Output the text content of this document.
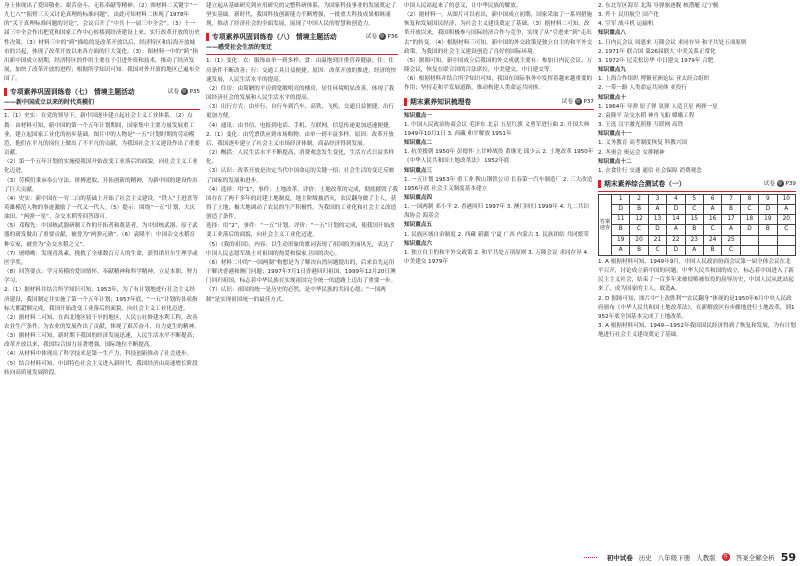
身上体现出了爱国敬业、艰苦奋斗、无私奉献等精神。（2）图材料二关键字“一九七八”“振臂三天又讨论真理的标准问题”，由此可知材料二体现了1978年的“关于真理标准问题的讨论”，会议召开了“中共十一届三中全会”。（3）十一届三中全会作出把党和国家工作中心转移到经济建设上来、实行改革开放的历史性决策。（3）材料三中的“跨”描绘的是改革开放以后，经济特区和沿海开放城市的兴起，体现了改革开放以来各方面的巨大变化。（3）：图材料一中的“跨”指出新中国成立初期，经济特区的作用主要在于引进外资和技术，推动了经济发展，加快了改革开放的进程；根据所学知识可知：我国对外开放的地区已遍布全国了。

专项素养巩固训练卷（七） 情境主题活动	试卷 ◎ P35
——新中国成立以来的时代英模们

1.（1）史实：在党的领导下，新中国逐步建立起社会主义工业体系。（2）点拨：由材料可知，新中国的第一个五年计划期间，国家集中主要力量发展重工业，建立起国家工业化的初步基础。图片中的人物是“一五”计划时期的劳动模范，他们在平凡的岗位上做出了不平凡的贡献，为我国社会主义建设作出了重要贡献。

（2）第一个五年计划的实施使我国开始改变工业落后的面貌，向社会主义工业化迈进。

（3）劳模们秉承奉公守法、拼搏进取、开拓创新的精神，为新中国的建设作出了巨大贡献。

（4）史实：新中国在一穷二白的基础上开始了社会主义建设，“铁人”王进喜等英雄模范人物的事迹激励了一代又一代人。（5）提示：围绕“一五”计划、大庆油田、“两弹一星”、杂交水稻等回答即可。

（5）邓稼先：中国核武器研制工作的开拓者和奠基者，为中国核武器、原子武器的研发做出了重要贡献，被誉为“两弹元勋”。（6）袁隆平：中国杂交水稻育种专家，被誉为“杂交水稻之父”。

（7）屠呦呦：发现青蒿素，挽救了全球数百万人的生命，获得诺贝尔生理学或医学奖。

（8）回答要点：学习英模的爱国情怀、奉献精神和科学精神，立足本职，努力学习。

2.（1）据材料并结合所学知识可知，1953年，为了有计划地进行社会主义经济建设，我国制定并实施了第一个五年计划；1957年底，“一五”计划的各项指标大都超额完成，我国开始改变工业落后的面貌，向社会主义工业化迈进。

（2）据材料二可知，在西北地区较干旱的地区，人民公社修建水利工程，改善农业生产条件，为农业的发展作出了贡献，体现了艰苦奋斗、自力更生的精神。

（3）据材料三可知，新时期下我国的经济发展迅速，人民生活水平不断提高；改革开放以来，我国综合国力显著增强，国际地位不断提高。

（4）从材料中体现出了科学技术是第一生产力，科技创新推动了社会进步。（5）结合材料可知，中国特色社会主义进入新时代，我国经济由高速增长阶段转向高质量发展阶段。

建立起从基础研究到应用研究的完整科研体系，为国家科技事业的发展奠定了坚实基础。新时代，我国科技创新能力不断增强，一批重大科技成果相继涌现，推动了经济社会的全面发展，展现了中国人民的智慧和创造力。

专项素养巩固训练卷（八） 情境主题活动	试卷 ◎ P36
——感受社会生活的变迁

1.（1）变化：衣：服饰由单一到多样；食：由温饱到注重营养健康；住：住房条件不断改善；行：交通工具日益便捷。原因：改革开放的推进，经济的快速发展，人民生活水平的提高。

（2）住房：由简陋的平房到宽敞明亮的楼房，居住环境明显改善。体现了我国经济社会的发展和人民生活水平的提高。

（3）出行方式：由步行、自行车到汽车、高铁、飞机，交通日益便捷，出行更加方便。

（4）通讯：由书信、电报到电话、手机、互联网，信息传递更加迅速便捷。

2.（1）变化：由凭票供应到市场购物；由单一到丰富多样。原因：改革开放后，我国逐步建立了社会主义市场经济体制，商品经济得到发展。

（2）概括：人民生活水平不断提高，消费观念发生变化，生活方式日益多样化。

（3）认识：改革开放是决定当代中国命运的关键一招；社会生活的变迁反映了国家的发展和进步。

（4）选择：用“1”，事件：土地改革。评价：土地改革的完成，彻底摧毁了我国存在了两千多年的封建土地制度，地主阶级被消灭，农民翻身做了主人，获得了土地，极大地调动了农民的生产积极性，为我国的工业化和社会主义改造创造了条件。

选择：用“2”，事件：“一五”计划。评价：“一五”计划的完成，使我国开始改变工业落后的面貌，向社会主义工业化迈进。

（5）《我的祖国》，内容：以生动形象的歌词表现了祖国的美丽风光，表达了中国人民志愿军战士对祖国的热爱和保家卫国的决心。

（6）材料二中的“一国两制”构想是为了解决台湾问题提出的，后来首先运用于解决香港和澳门问题；1997年7月1日香港回归祖国，1999年12月20日澳门回归祖国，标志着中华民族在实现祖国完全统一的道路上迈出了重要一步。

（7）认识：祖国的统一是历史的必然，是中华民族的共同心愿；“一国两制”是实现祖国统一的最佳方式。

中国人民站起来了的意义，让中华民族的解放。

（2）据材料一，从图片可以看出，新中国成立初期，国家采取了一系列措施恢复和发展国民经济，为社会主义建设奠定了基础。（3）据材料二可知，改革开放以来，我国积极参与国际经济合作与竞争，实现了从“引进来”到“走出去”的转变。（4）根据材料三可知，新中国的外交政策是独立自主的和平外交政策，为我国的社会主义建设创造了良好的国际环境。

（5）据图可知，新中国成立后我国的外交成就主要有：参加日内瓦会议、万隆会议，恢复在联合国的合法席位，中美建交，中日建交等。

（6）根据材料并结合所学知识可知，我国在国际事务中发挥着越来越重要的作用；坚持走和平发展道路，推动构建人类命运共同体。

期末素养知识梳理卷	试卷 ◎ P37

知识重点一

1. 中国人民政治协商会议 毛泽东 北京 五星红旗 义勇军进行曲 2. 开国大典 1949年10月1日 3. 西藏 和平解放 1951年

知识重点二

1. 抗美援朝 1950年 彭德怀 上甘岭战役 黄继光 邱少云 2. 土地改革 1950年 《中华人民共和国土地改革法》 1952年底

知识重点三

1. 一五计划 1953年 重工业 鞍山钢铁公司 长春第一汽车制造厂 2. 三大改造 1956年底 社会主义制度基本建立

知识重点四

1. 一国两制 邓小平 2. 香港回归 1997年 3. 澳门回归 1999年 4. 九二共识 海协会 海基会

知识重点五

1. 民族区域自治制度 2. 西藏 新疆 宁夏 广西 内蒙古 3. 民族团结 共同繁荣

知识重点六

1. 独立自主的和平外交政策 2. 和平共处五项原则 3. 万隆会议 求同存异 4. 中美建交 1979年

2. 东北军区海军 北海 导弹驱逐舰 核潜艇 辽宁舰

3. 歼十 民用航空 国产化

4. 空军 战斗机 运输机

知识重点八

1. 日内瓦会议 周恩来 万隆会议 求同存异 和平共处五项原则

2. 1971年 联合国 第26届联大 中美关系正常化

3. 1972年 尼克松访华 中日建交 1979年 合肥

知识重点九

1. 上海合作组织 博鳌亚洲论坛 亚太经合组织

2. 一带一路 人类命运共同体 亚投行

知识重点十

1. 1964年 导弹 原子弹 氢弹 人造卫星 两弹一星

2. 袁隆平 杂交水稻 神舟飞船 嫦娥工程

3. 王选 汉字激光照排 互联网 高铁

知识重点十一

1. 义务教育 高考制度恢复 科教兴国

2. 冬奥会 奥运会 女排精神

知识重点十二

1. 衣食住行 交通 通信 社会保障 消费观念

期末素养综合测试卷（一）	试卷 ◎ P39
答案速查	1	2	3	4	5	6	7	8	9	10
	D	B	A	D	C	A	B	C	D	A
	11	12	13	14	15	16	17	18	19	20
	B	C	D	A	B	C	A	D	B	C
	19	20	21	22	23	24	25			
	A	B	C	D	A	B	C			

1. A 根据材料可知，1949年9月，中国人民政治协商会议第一届全体会议在北平召开，讨论成立新中国的问题。中华人民共和国的成立，标志着中国进入了新民主主义社会，结束了一百多年来被侵略被奴役的屈辱历史，中国人民从此站起来了，成为国家的主人。故选A。

2. D 据图可知，图片中“土改胜利”“农民翻身”体现的是1950年6月中央人民政府颁布《中华人民共和国土地改革法》，在新解放区有步骤地进行土地改革，到1952年底全国基本完成了土地改革。

3. A 根据材料可知，1949—1952年我国国民经济得到了恢复和发展，为有计划地进行社会主义建设奠定了基础。

初中试卷 历史 八年级下册 人教版 答 答案全解全析 59
